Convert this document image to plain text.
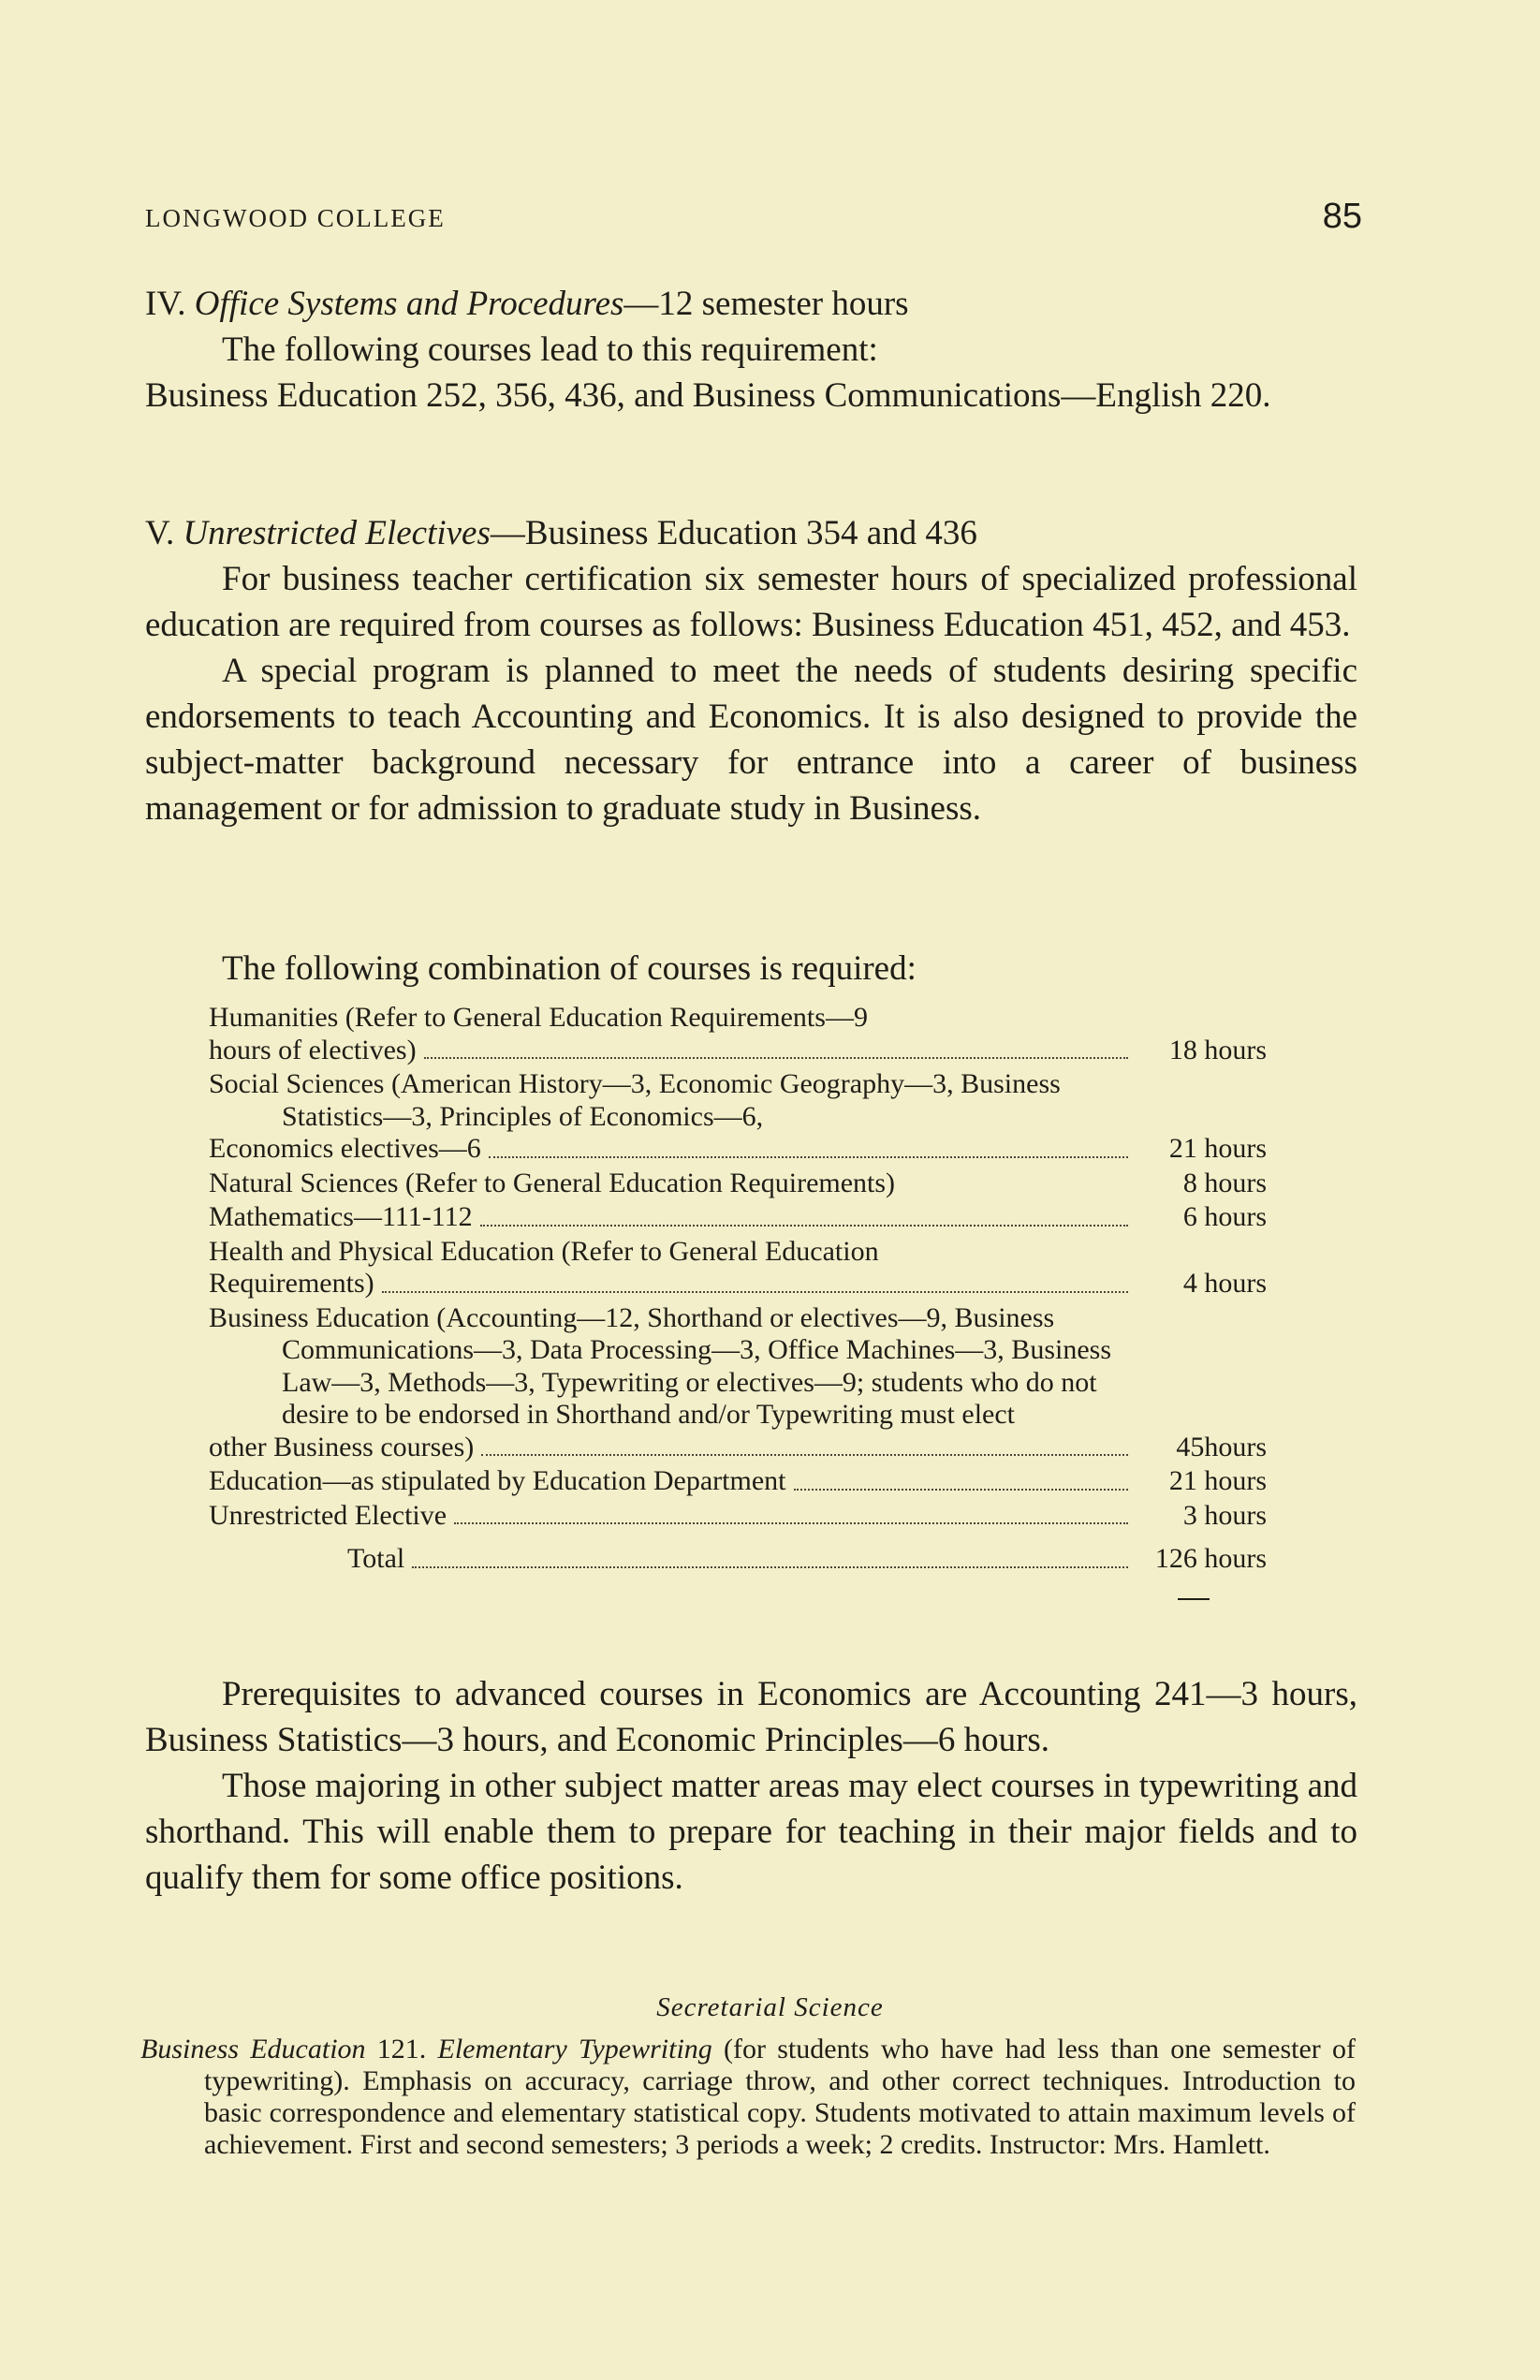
LONGWOOD COLLEGE	85

IV. Office Systems and Procedures—12 semester hours

The following courses lead to this requirement:

Business Education 252, 356, 436, and Business Communications—English 220.

V. Unrestricted Electives—Business Education 354 and 436

For business teacher certification six semester hours of specialized professional education are required from courses as follows: Business Education 451, 452, and 453.

A special program is planned to meet the needs of students desiring specific endorsements to teach Accounting and Economics. It is also designed to provide the subject-matter background necessary for entrance into a career of business management or for admission to graduate study in Business.

The following combination of courses is required:
Humanities (Refer to General Education Requirements—9
hours of electives)	18 hours
Social Sciences (American History—3, Economic Geography—3, Business Statistics—3, Principles of Economics—6,
Economics electives—6	21 hours
Natural Sciences (Refer to General Education Requirements)	8 hours
Mathematics—111-112	6 hours
Health and Physical Education (Refer to General Education
Requirements)	4 hours
Business Education (Accounting—12, Shorthand or electives—9, Business Communications—3, Data Processing—3, Office Machines—3, Business Law—3, Methods—3, Typewriting or electives—9; students who do not desire to be endorsed in Shorthand and/or Typewriting must elect
other Business courses)	45hours
Education—as stipulated by Education Department	21 hours
Unrestricted Elective	3 hours
Total	126 hours

Prerequisites to advanced courses in Economics are Accounting 241—3 hours, Business Statistics—3 hours, and Economic Principles—6 hours.

Those majoring in other subject matter areas may elect courses in typewriting and shorthand. This will enable them to prepare for teaching in their major fields and to qualify them for some office positions.

Secretarial Science
Business Education 121. Elementary Typewriting (for students who have had less than one semester of typewriting). Emphasis on accuracy, carriage throw, and other correct techniques. Introduction to basic correspondence and elementary statistical copy. Students motivated to attain maximum levels of achievement. First and second semesters; 3 periods a week; 2 credits. Instructor: Mrs. Hamlett.
